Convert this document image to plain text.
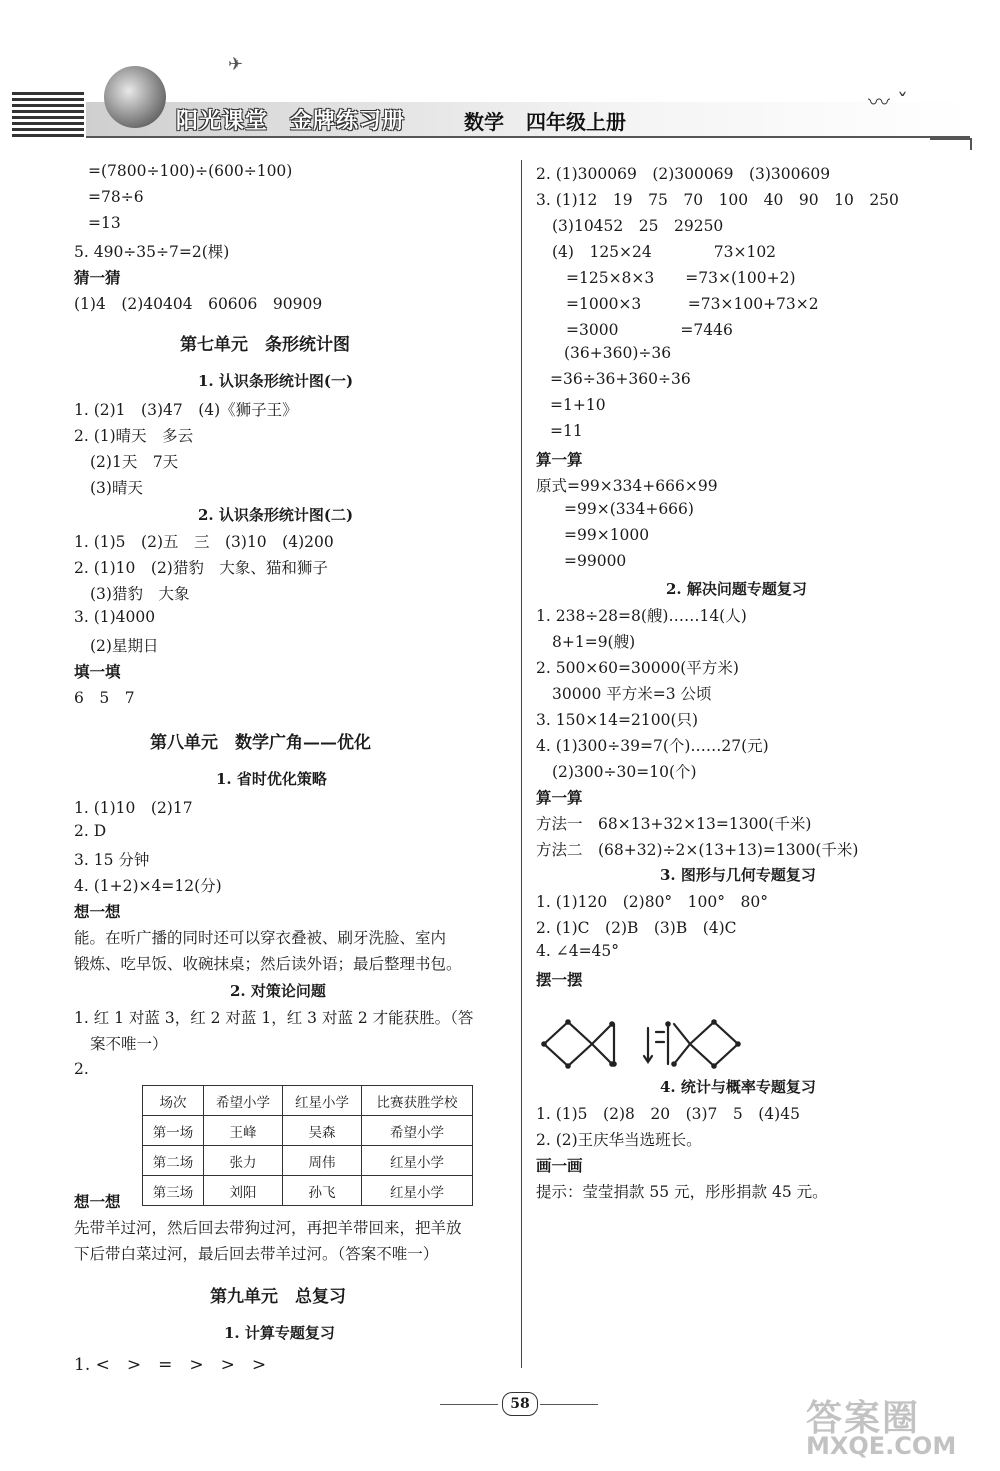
✈
阳光课堂 金牌练习册	数学 四年级上册
〰 ˇ
=(7800÷100)÷(600÷100)
=78÷6
=13
5. 490÷35÷7=2(棵)
猜一猜
(1)4　(2)40404　60606　90909
第七单元　条形统计图
1. 认识条形统计图(一)
1. (2)1　(3)47　(4)《狮子王》
2. (1)晴天　多云
(2)1天　7天
(3)晴天
2. 认识条形统计图(二)
1. (1)5　(2)五　三　(3)10　(4)200
2. (1)10　(2)猎豹　大象、猫和狮子
(3)猎豹　大象
3. (1)4000
(2)星期日
填一填
6　5　7
第八单元　数学广角——优化
1. 省时优化策略
1. (1)10　(2)17
2. D
3. 15 分钟
4. (1+2)×4=12(分)
想一想
能。在听广播的同时还可以穿衣叠被、刷牙洗脸、室内
锻炼、吃早饭、收碗抹桌；然后读外语；最后整理书包。
2. 对策论问题
1. 红 1 对蓝 3，红 2 对蓝 1，红 3 对蓝 2 才能获胜。（答
案不唯一）
2.
想一想
先带羊过河，然后回去带狗过河，再把羊带回来，把羊放
下后带白菜过河，最后回去带羊过河。（答案不唯一）
第九单元　总复习
1. 计算专题复习
1. <　>　=　>　>　>
场次	希望小学	红星小学	比赛获胜学校
第一场	王峰	吴森	希望小学
第二场	张力	周伟	红星小学
第三场	刘阳	孙飞	红星小学
2. (1)300069　(2)300069　(3)300609
3. (1)12　19　75　70　100　40　90　10　250
(3)10452　25　29250
(4)　125×24　　　　73×102
=125×8×3　　=73×(100+2)
=1000×3　　　=73×100+73×2
=3000　　　　=7446
(36+360)÷36
=36÷36+360÷36
=1+10
=11
算一算
原式=99×334+666×99
=99×(334+666)
=99×1000
=99000
2. 解决问题专题复习
1. 238÷28=8(艘)……14(人)
8+1=9(艘)
2. 500×60=30000(平方米)
30000 平方米=3 公顷
3. 150×14=2100(只)
4. (1)300÷39=7(个)……27(元)
(2)300÷30=10(个)
算一算
方法一　68×13+32×13=1300(千米)
方法二　(68+32)÷2×(13+13)=1300(千米)
3. 图形与几何专题复习
1. (1)120　(2)80°　100°　80°
2. (1)C　(2)B　(3)B　(4)C
4. ∠4=45°
摆一摆
4. 统计与概率专题复习
1. (1)5　(2)8　20　(3)7　5　(4)45
2. (2)王庆华当选班长。
画一画
提示：莹莹捐款 55 元，彤彤捐款 45 元。
58	答案圈
MXQE.COM
